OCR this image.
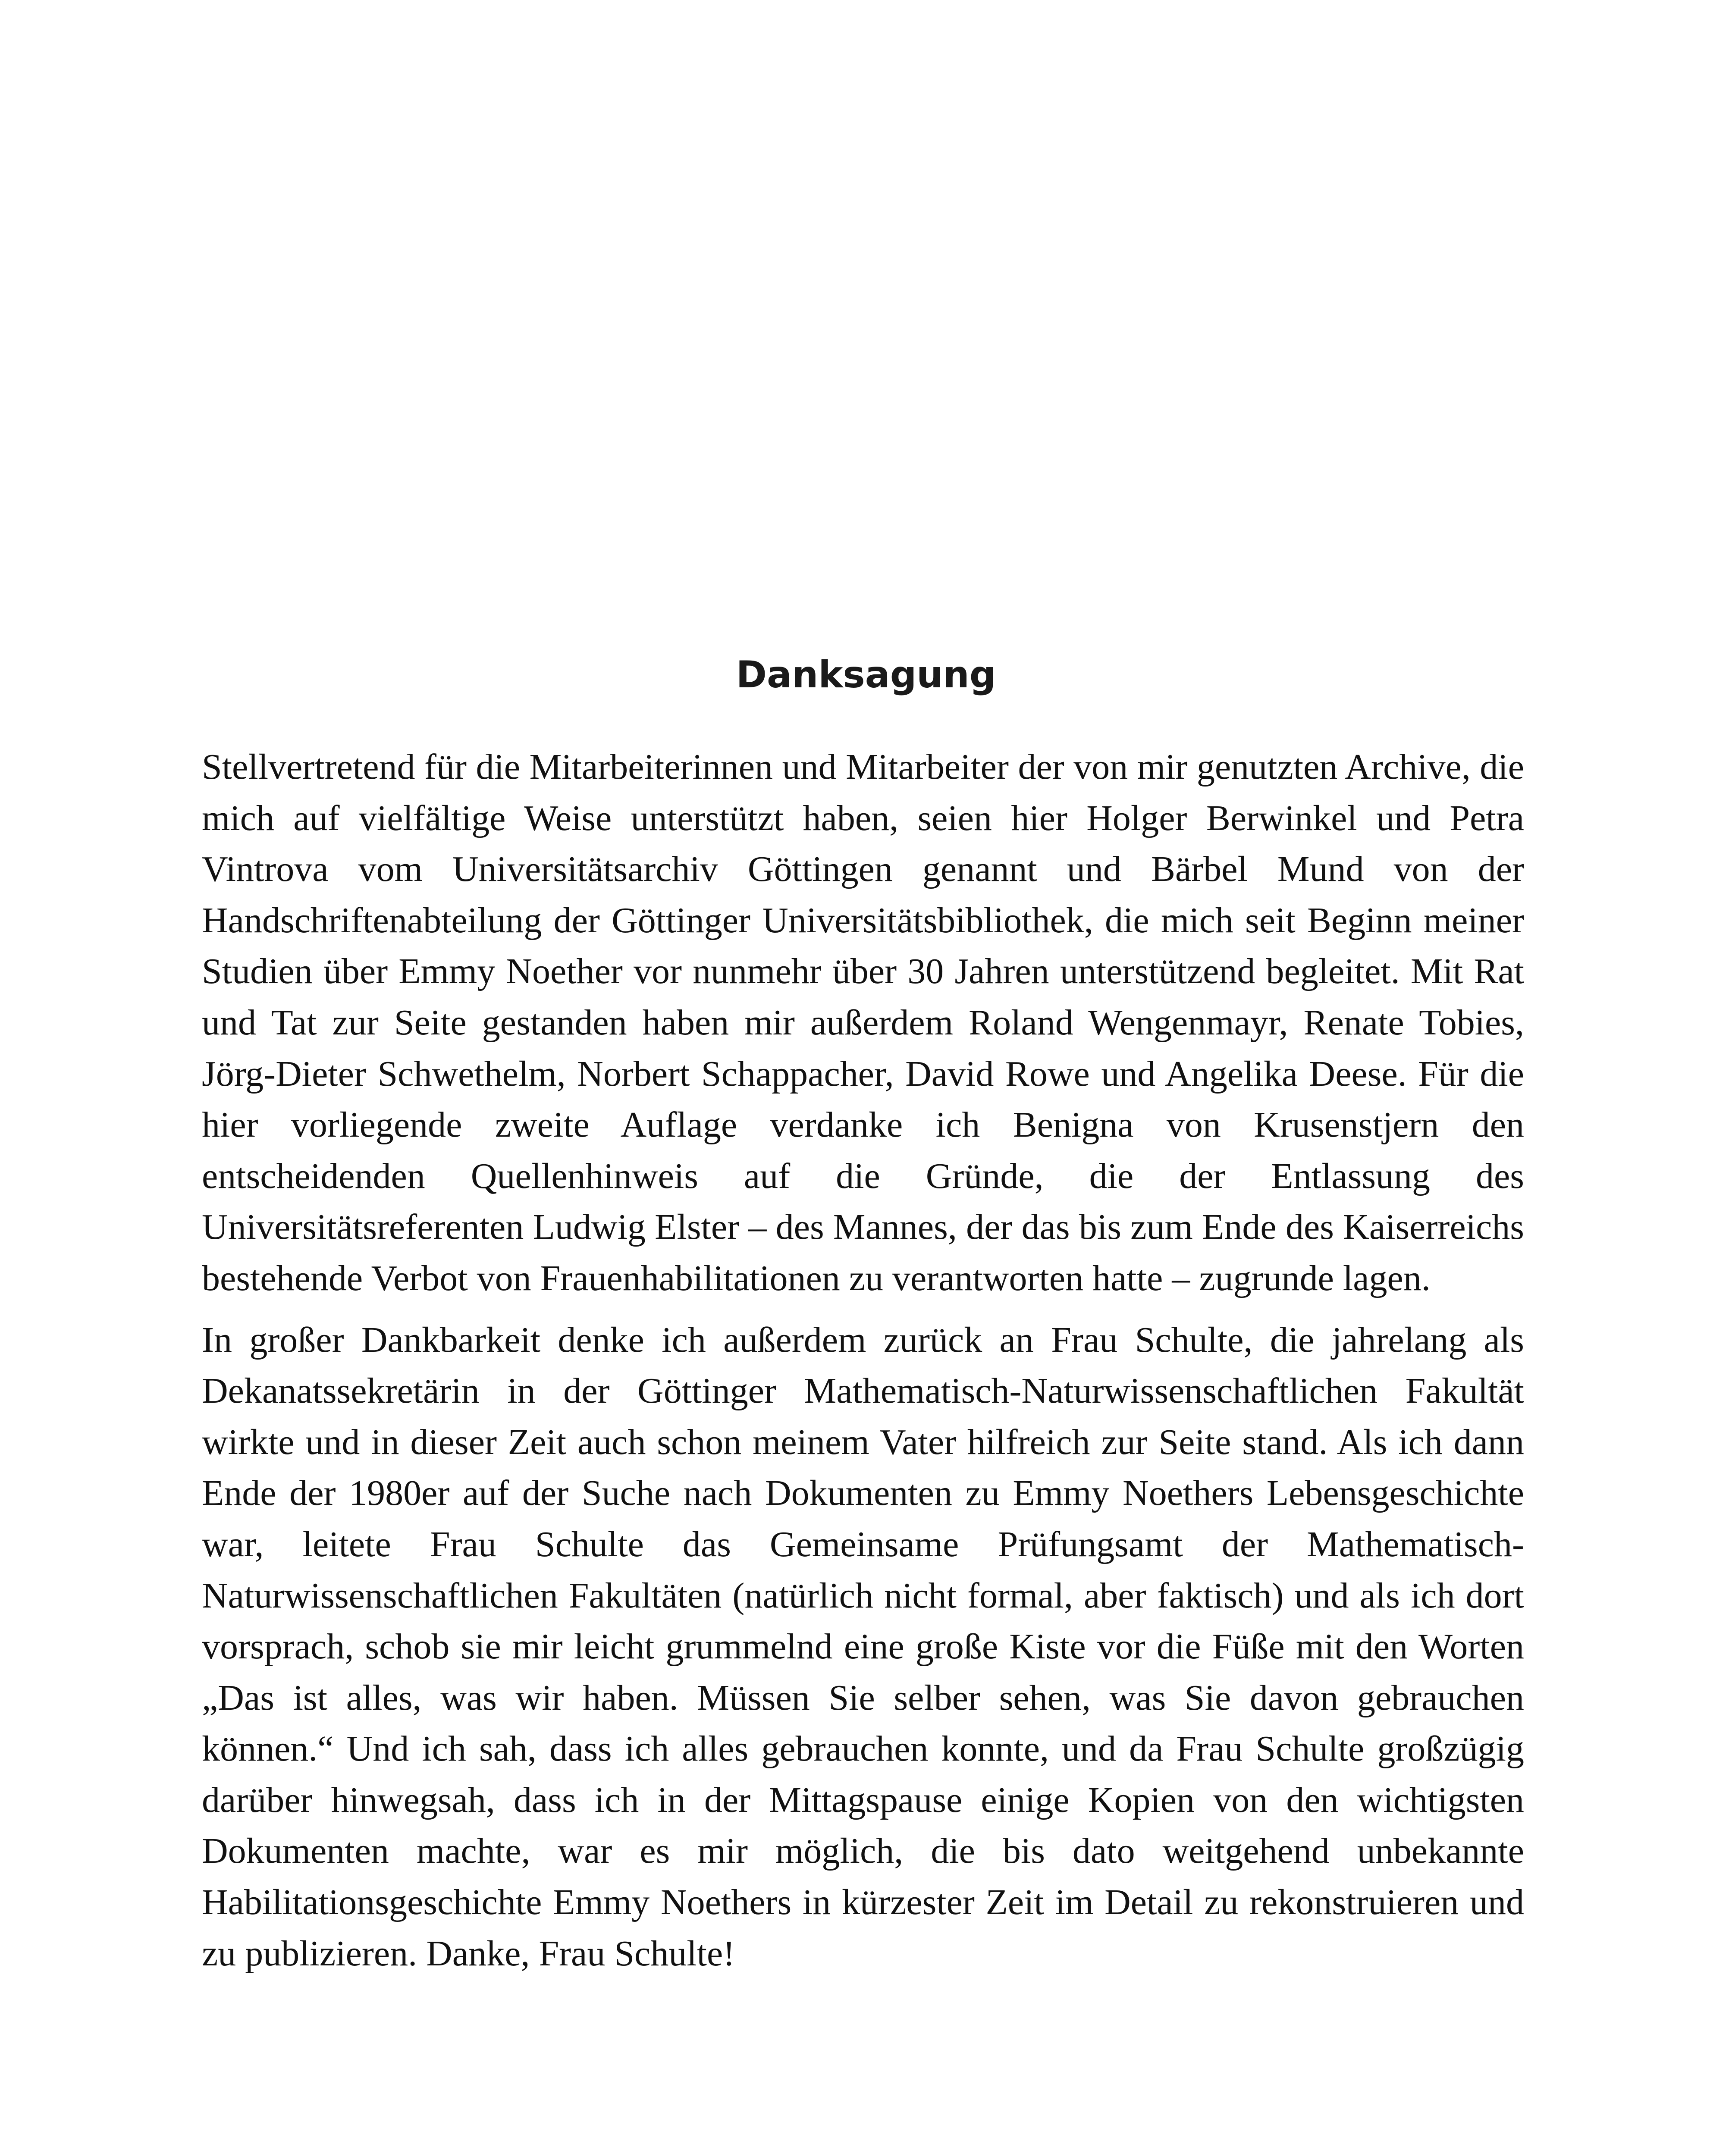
Danksagung

Stellvertretend für die Mitarbeiterinnen und Mitarbeiter der von mir genutzten Archive, die mich auf vielfältige Weise unterstützt haben, seien hier Holger Berwinkel und Petra Vintrova vom Universitätsarchiv Göttingen genannt und Bärbel Mund von der Handschriftenabteilung der Göttinger Universitätsbibliothek, die mich seit Beginn meiner Studien über Emmy Noether vor nunmehr über 30 Jahren unterstützend begleitet. Mit Rat und Tat zur Seite gestanden haben mir außerdem Roland Wengenmayr, Renate Tobies, Jörg-Dieter Schwethelm, Norbert Schappacher, David Rowe und Angelika Deese. Für die hier vorliegende zweite Auflage verdanke ich Benigna von Krusenstjern den entscheidenden Quellenhinweis auf die Gründe, die der Entlassung des Universitätsreferenten Ludwig Elster – des Mannes, der das bis zum Ende des Kaiserreichs bestehende Verbot von Frauenhabilitationen zu verantworten hatte – zugrunde lagen.

In großer Dankbarkeit denke ich außerdem zurück an Frau Schulte, die jahrelang als Dekanatssekretärin in der Göttinger Mathematisch-Naturwissenschaftlichen Fakultät wirkte und in dieser Zeit auch schon meinem Vater hilfreich zur Seite stand. Als ich dann Ende der 1980er auf der Suche nach Dokumenten zu Emmy Noethers Lebensgeschichte war, leitete Frau Schulte das Gemeinsame Prüfungsamt der Mathematisch-Naturwissenschaftlichen Fakultäten (natürlich nicht formal, aber faktisch) und als ich dort vorsprach, schob sie mir leicht grummelnd eine große Kiste vor die Füße mit den Worten „Das ist alles, was wir haben. Müssen Sie selber sehen, was Sie davon gebrauchen können.“ Und ich sah, dass ich alles gebrauchen konnte, und da Frau Schulte großzügig darüber hinwegsah, dass ich in der Mittagspause einige Kopien von den wichtigsten Dokumenten machte, war es mir möglich, die bis dato weitgehend unbekannte Habilitationsgeschichte Emmy Noethers in kürzester Zeit im Detail zu rekonstruieren und zu publizieren. Danke, Frau Schulte!
